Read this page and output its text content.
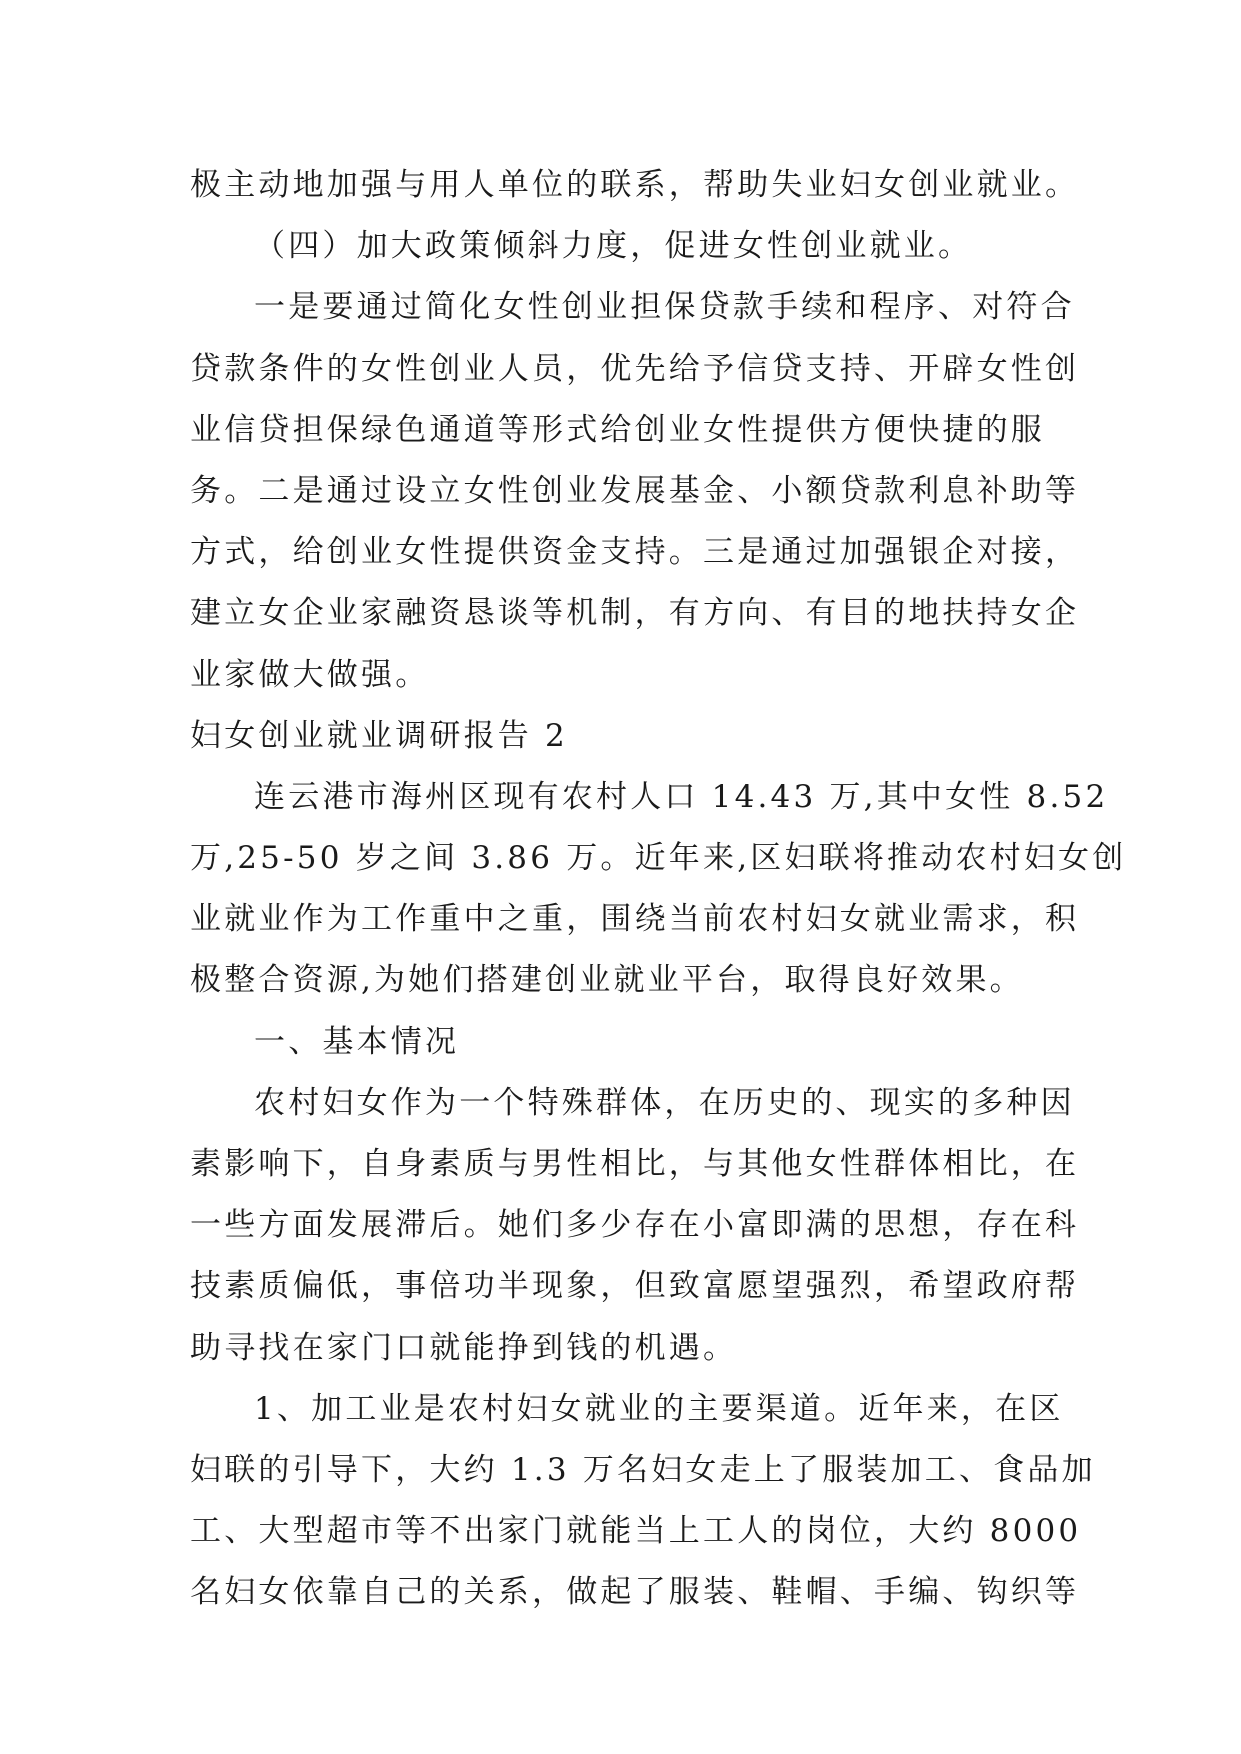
极主动地加强与用人单位的联系，帮助失业妇女创业就业。
（四）加大政策倾斜力度，促进女性创业就业。
一是要通过简化女性创业担保贷款手续和程序、对符合
贷款条件的女性创业人员，优先给予信贷支持、开辟女性创
业信贷担保绿色通道等形式给创业女性提供方便快捷的服
务。二是通过设立女性创业发展基金、小额贷款利息补助等
方式，给创业女性提供资金支持。三是通过加强银企对接，
建立女企业家融资恳谈等机制，有方向、有目的地扶持女企
业家做大做强。
妇女创业就业调研报告 2
连云港市海州区现有农村人口 14.43 万,其中女性 8.52
万,25-50 岁之间 3.86 万。近年来,区妇联将推动农村妇女创
业就业作为工作重中之重，围绕当前农村妇女就业需求，积
极整合资源,为她们搭建创业就业平台，取得良好效果。
一、基本情况
农村妇女作为一个特殊群体，在历史的、现实的多种因
素影响下，自身素质与男性相比，与其他女性群体相比，在
一些方面发展滞后。她们多少存在小富即满的思想，存在科
技素质偏低，事倍功半现象，但致富愿望强烈，希望政府帮
助寻找在家门口就能挣到钱的机遇。
1、加工业是农村妇女就业的主要渠道。近年来，在区
妇联的引导下，大约 1.3 万名妇女走上了服装加工、食品加
工、大型超市等不出家门就能当上工人的岗位，大约 8000
名妇女依靠自己的关系，做起了服装、鞋帽、手编、钩织等
